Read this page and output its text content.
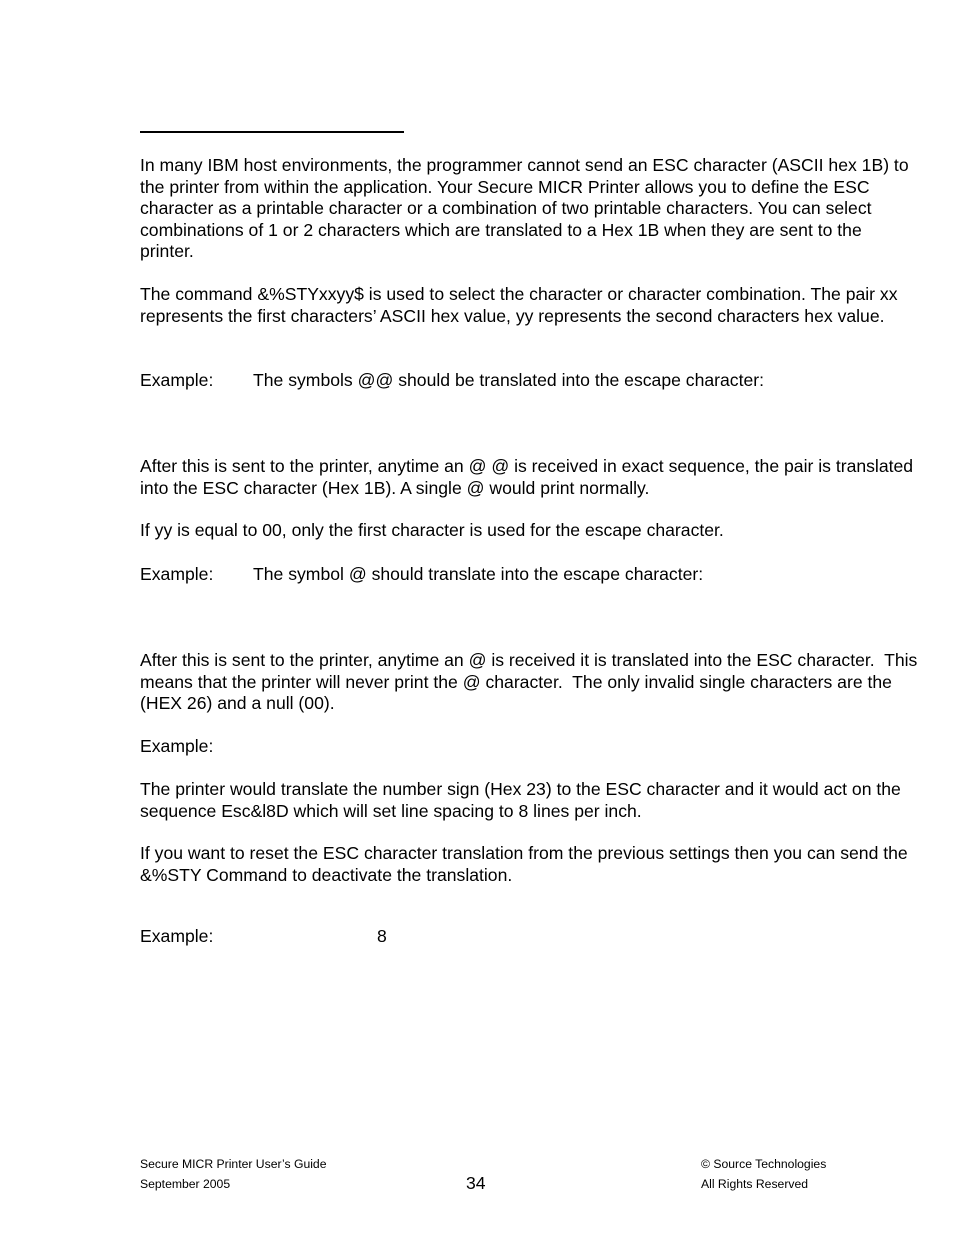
In many IBM host environments, the programmer cannot send an ESC character (ASCII hex 1B) to the printer from within the application. Your Secure MICR Printer allows you to define the ESC character as a printable character or a combination of two printable characters. You can select combinations of 1 or 2 characters which are translated to a Hex 1B when they are sent to the printer.

The command &%STYxxyy$ is used to select the character or character combination. The pair xx represents the first characters’ ASCII hex value, yy represents the second characters hex value.

Example: The symbols @@ should be translated into the escape character:

After this is sent to the printer, anytime an @ @ is received in exact sequence, the pair is translated into the ESC character (Hex 1B). A single @ would print normally.

If yy is equal to 00, only the first character is used for the escape character.

Example: The symbol @ should translate into the escape character:

After this is sent to the printer, anytime an @ is received it is translated into the ESC character.  This means that the printer will never print the @ character.  The only invalid single characters are the     (HEX 26) and a null (00).

Example:

The printer would translate the number sign (Hex 23) to the ESC character and it would act on the sequence Esc&l8D which will set line spacing to 8 lines per inch.

If you want to reset the ESC character translation from the previous settings then you can send the &%STY Command to deactivate the translation.

Example:	8
Secure MICR Printer User’s Guide
September 2005	34
© Source Technologies
All Rights Reserved
